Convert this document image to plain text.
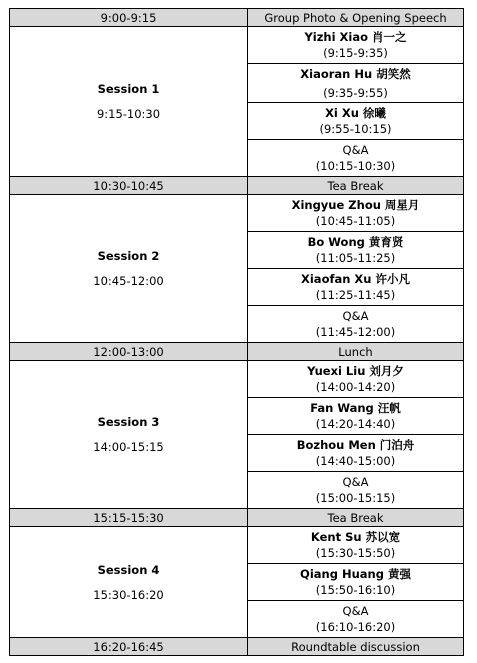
9:00-9:15	Group Photo & Opening Speech

Session 1
9:15-10:30	Yizhi Xiao 肖一之
(9:15-9:35)

	Xiaoran Hu 胡笑然
(9:35-9:55)

	Xi Xu 徐曦
(9:55-10:15)

	Q&A
(10:15-10:30)

10:30-10:45	Tea Break

Session 2
10:45-12:00	Xingyue Zhou 周星月
(10:45-11:05)

	Bo Wong 黄育贤
(11:05-11:25)

	Xiaofan Xu 许小凡
(11:25-11:45)

	Q&A
(11:45-12:00)

12:00-13:00	Lunch

Session 3
14:00-15:15	Yuexi Liu 刘月夕
(14:00-14:20)

	Fan Wang 汪帆
(14:20-14:40)

	Bozhou Men 门泊舟
(14:40-15:00)

	Q&A
(15:00-15:15)

15:15-15:30	Tea Break

Session 4
15:30-16:20	Kent Su 苏以宽
(15:30-15:50)

	Qiang Huang 黄强
(15:50-16:10)

	Q&A
(16:10-16:20)

16:20-16:45	Roundtable discussion
